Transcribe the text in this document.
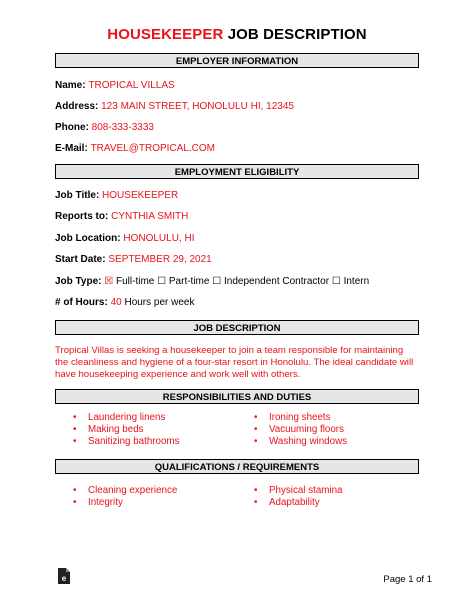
HOUSEKEEPER JOB DESCRIPTION
EMPLOYER INFORMATION
Name: TROPICAL VILLAS
Address: 123 MAIN STREET, HONOLULU HI, 12345
Phone: 808-333-3333
E-Mail: TRAVEL@TROPICAL.COM
EMPLOYMENT ELIGIBILITY
Job Title: HOUSEKEEPER
Reports to: CYNTHIA SMITH
Job Location: HONOLULU, HI
Start Date: SEPTEMBER 29, 2021
Job Type: ☒ Full-time ☐ Part-time ☐ Independent Contractor ☐ Intern
# of Hours: 40 Hours per week
JOB DESCRIPTION
Tropical Villas is seeking a housekeeper to join a team responsible for maintaining the cleanliness and hygiene of a four-star resort in Honolulu. The ideal candidate will have housekeeping experience and work well with others.
RESPONSIBILITIES AND DUTIES
• Laundering linens
• Making beds
• Sanitizing bathrooms
• Ironing sheets
• Vacuuming floors
• Washing windows
QUALIFICATIONS / REQUIREMENTS
• Cleaning experience
• Integrity
• Physical stamina
• Adaptability
e	Page 1 of 1
